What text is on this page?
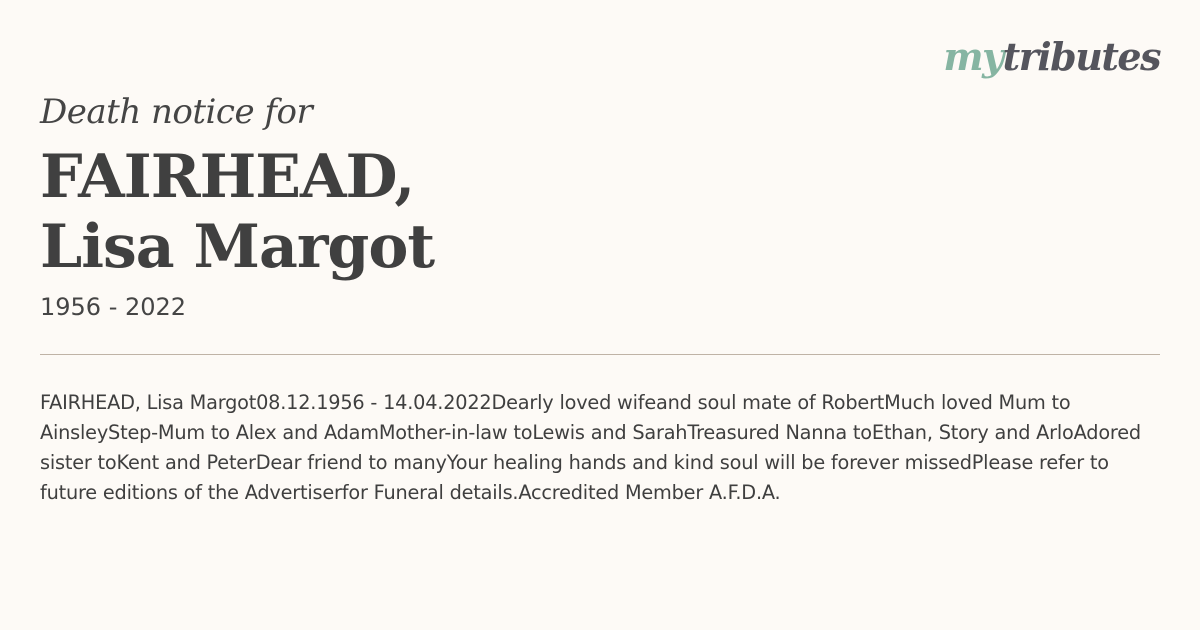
mytributes

Death notice for

FAIRHEAD,
Lisa Margot
1956 - 2022
FAIRHEAD, Lisa Margot08.12.1956 - 14.04.2022Dearly loved wifeand soul mate of RobertMuch loved Mum to AinsleyStep-Mum to Alex and AdamMother-in-law toLewis and SarahTreasured Nanna toEthan, Story and ArloAdored sister toKent and PeterDear friend to manyYour healing hands and kind soul will be forever missedPlease refer to future editions of the Advertiserfor Funeral details.Accredited Member A.F.D.A.
